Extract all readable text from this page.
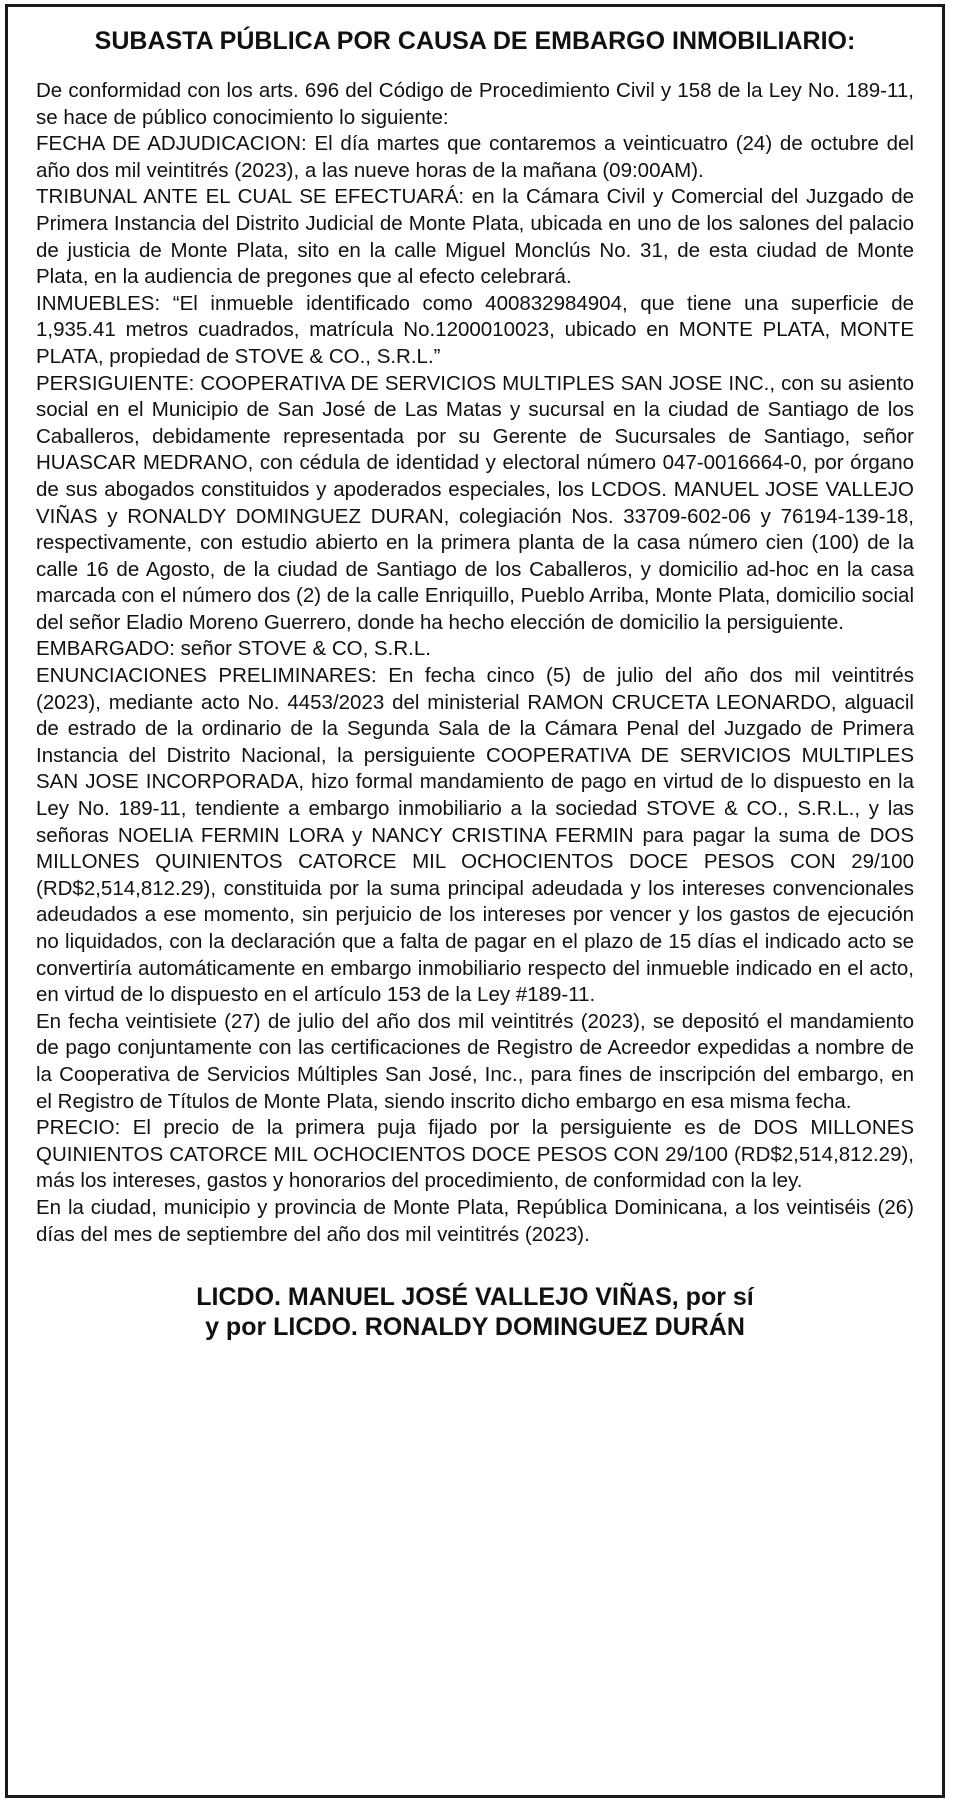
SUBASTA PÚBLICA POR CAUSA DE EMBARGO INMOBILIARIO:

De conformidad con los arts. 696 del Código de Procedimiento Civil y 158 de la Ley No. 189-11, se hace de público conocimiento lo siguiente:

FECHA DE ADJUDICACION: El día martes que contaremos a veinticuatro (24) de octubre del año dos mil veintitrés (2023), a las nueve horas de la mañana (09:00AM).

TRIBUNAL ANTE EL CUAL SE EFECTUARÁ: en la Cámara Civil y Comercial del Juzgado de Primera Instancia del Distrito Judicial de Monte Plata, ubicada en uno de los salones del palacio de justicia de Monte Plata, sito en la calle Miguel Monclús No. 31, de esta ciudad de Monte Plata, en la audiencia de pregones que al efecto celebrará.

INMUEBLES: “El inmueble identificado como 400832984904, que tiene una superficie de 1,935.41 metros cuadrados, matrícula No.1200010023, ubicado en MONTE PLATA, MONTE PLATA, propiedad de STOVE & CO., S.R.L.”

PERSIGUIENTE: COOPERATIVA DE SERVICIOS MULTIPLES SAN JOSE INC., con su asiento social en el Municipio de San José de Las Matas y sucursal en la ciudad de Santiago de los Caballeros, debidamente representada por su Gerente de Sucursales de Santiago, señor HUASCAR MEDRANO, con cédula de identidad y electoral número 047-0016664-0, por órgano de sus abogados constituidos y apoderados especiales, los LCDOS. MANUEL JOSE VALLEJO VIÑAS y RONALDY DOMINGUEZ DURAN, colegiación Nos. 33709-602-06 y 76194-139-18, respectivamente, con estudio abierto en la primera planta de la casa número cien (100) de la calle 16 de Agosto, de la ciudad de Santiago de los Caballeros, y domicilio ad-hoc en la casa marcada con el número dos (2) de la calle Enriquillo, Pueblo Arriba, Monte Plata, domicilio social del señor Eladio Moreno Guerrero, donde ha hecho elección de domicilio la persiguiente.

EMBARGADO: señor STOVE & CO, S.R.L.

ENUNCIACIONES PRELIMINARES: En fecha cinco (5) de julio del año dos mil veintitrés (2023), mediante acto No. 4453/2023 del ministerial RAMON CRUCETA LEONARDO, alguacil de estrado de la ordinario de la Segunda Sala de la Cámara Penal del Juzgado de Primera Instancia del Distrito Nacional, la persiguiente COOPERATIVA DE SERVICIOS MULTIPLES SAN JOSE INCORPORADA, hizo formal mandamiento de pago en virtud de lo dispuesto en la Ley No. 189-11, tendiente a embargo inmobiliario a la sociedad STOVE & CO., S.R.L., y las señoras NOELIA FERMIN LORA y NANCY CRISTINA FERMIN para pagar la suma de DOS MILLONES QUINIENTOS CATORCE MIL OCHOCIENTOS DOCE PESOS CON 29/100 (RD$2,514,812.29), constituida por la suma principal adeudada y los intereses convencionales adeudados a ese momento, sin perjuicio de los intereses por vencer y los gastos de ejecución no liquidados, con la declaración que a falta de pagar en el plazo de 15 días el indicado acto se convertiría automáticamente en embargo inmobiliario respecto del inmueble indicado en el acto, en virtud de lo dispuesto en el artículo 153 de la Ley #189-11.

En fecha veintisiete (27) de julio del año dos mil veintitrés (2023), se depositó el mandamiento de pago conjuntamente con las certificaciones de Registro de Acreedor expedidas a nombre de la Cooperativa de Servicios Múltiples San José, Inc., para fines de inscripción del embargo, en el Registro de Títulos de Monte Plata, siendo inscrito dicho embargo en esa misma fecha.

PRECIO: El precio de la primera puja fijado por la persiguiente es de DOS MILLONES QUINIENTOS CATORCE MIL OCHOCIENTOS DOCE PESOS CON 29/100 (RD$2,514,812.29), más los intereses, gastos y honorarios del procedimiento, de conformidad con la ley.

En la ciudad, municipio y provincia de Monte Plata, República Dominicana, a los veintiséis (26) días del mes de septiembre del año dos mil veintitrés (2023).

LICDO. MANUEL JOSÉ VALLEJO VIÑAS, por sí
y por LICDO. RONALDY DOMINGUEZ DURÁN
